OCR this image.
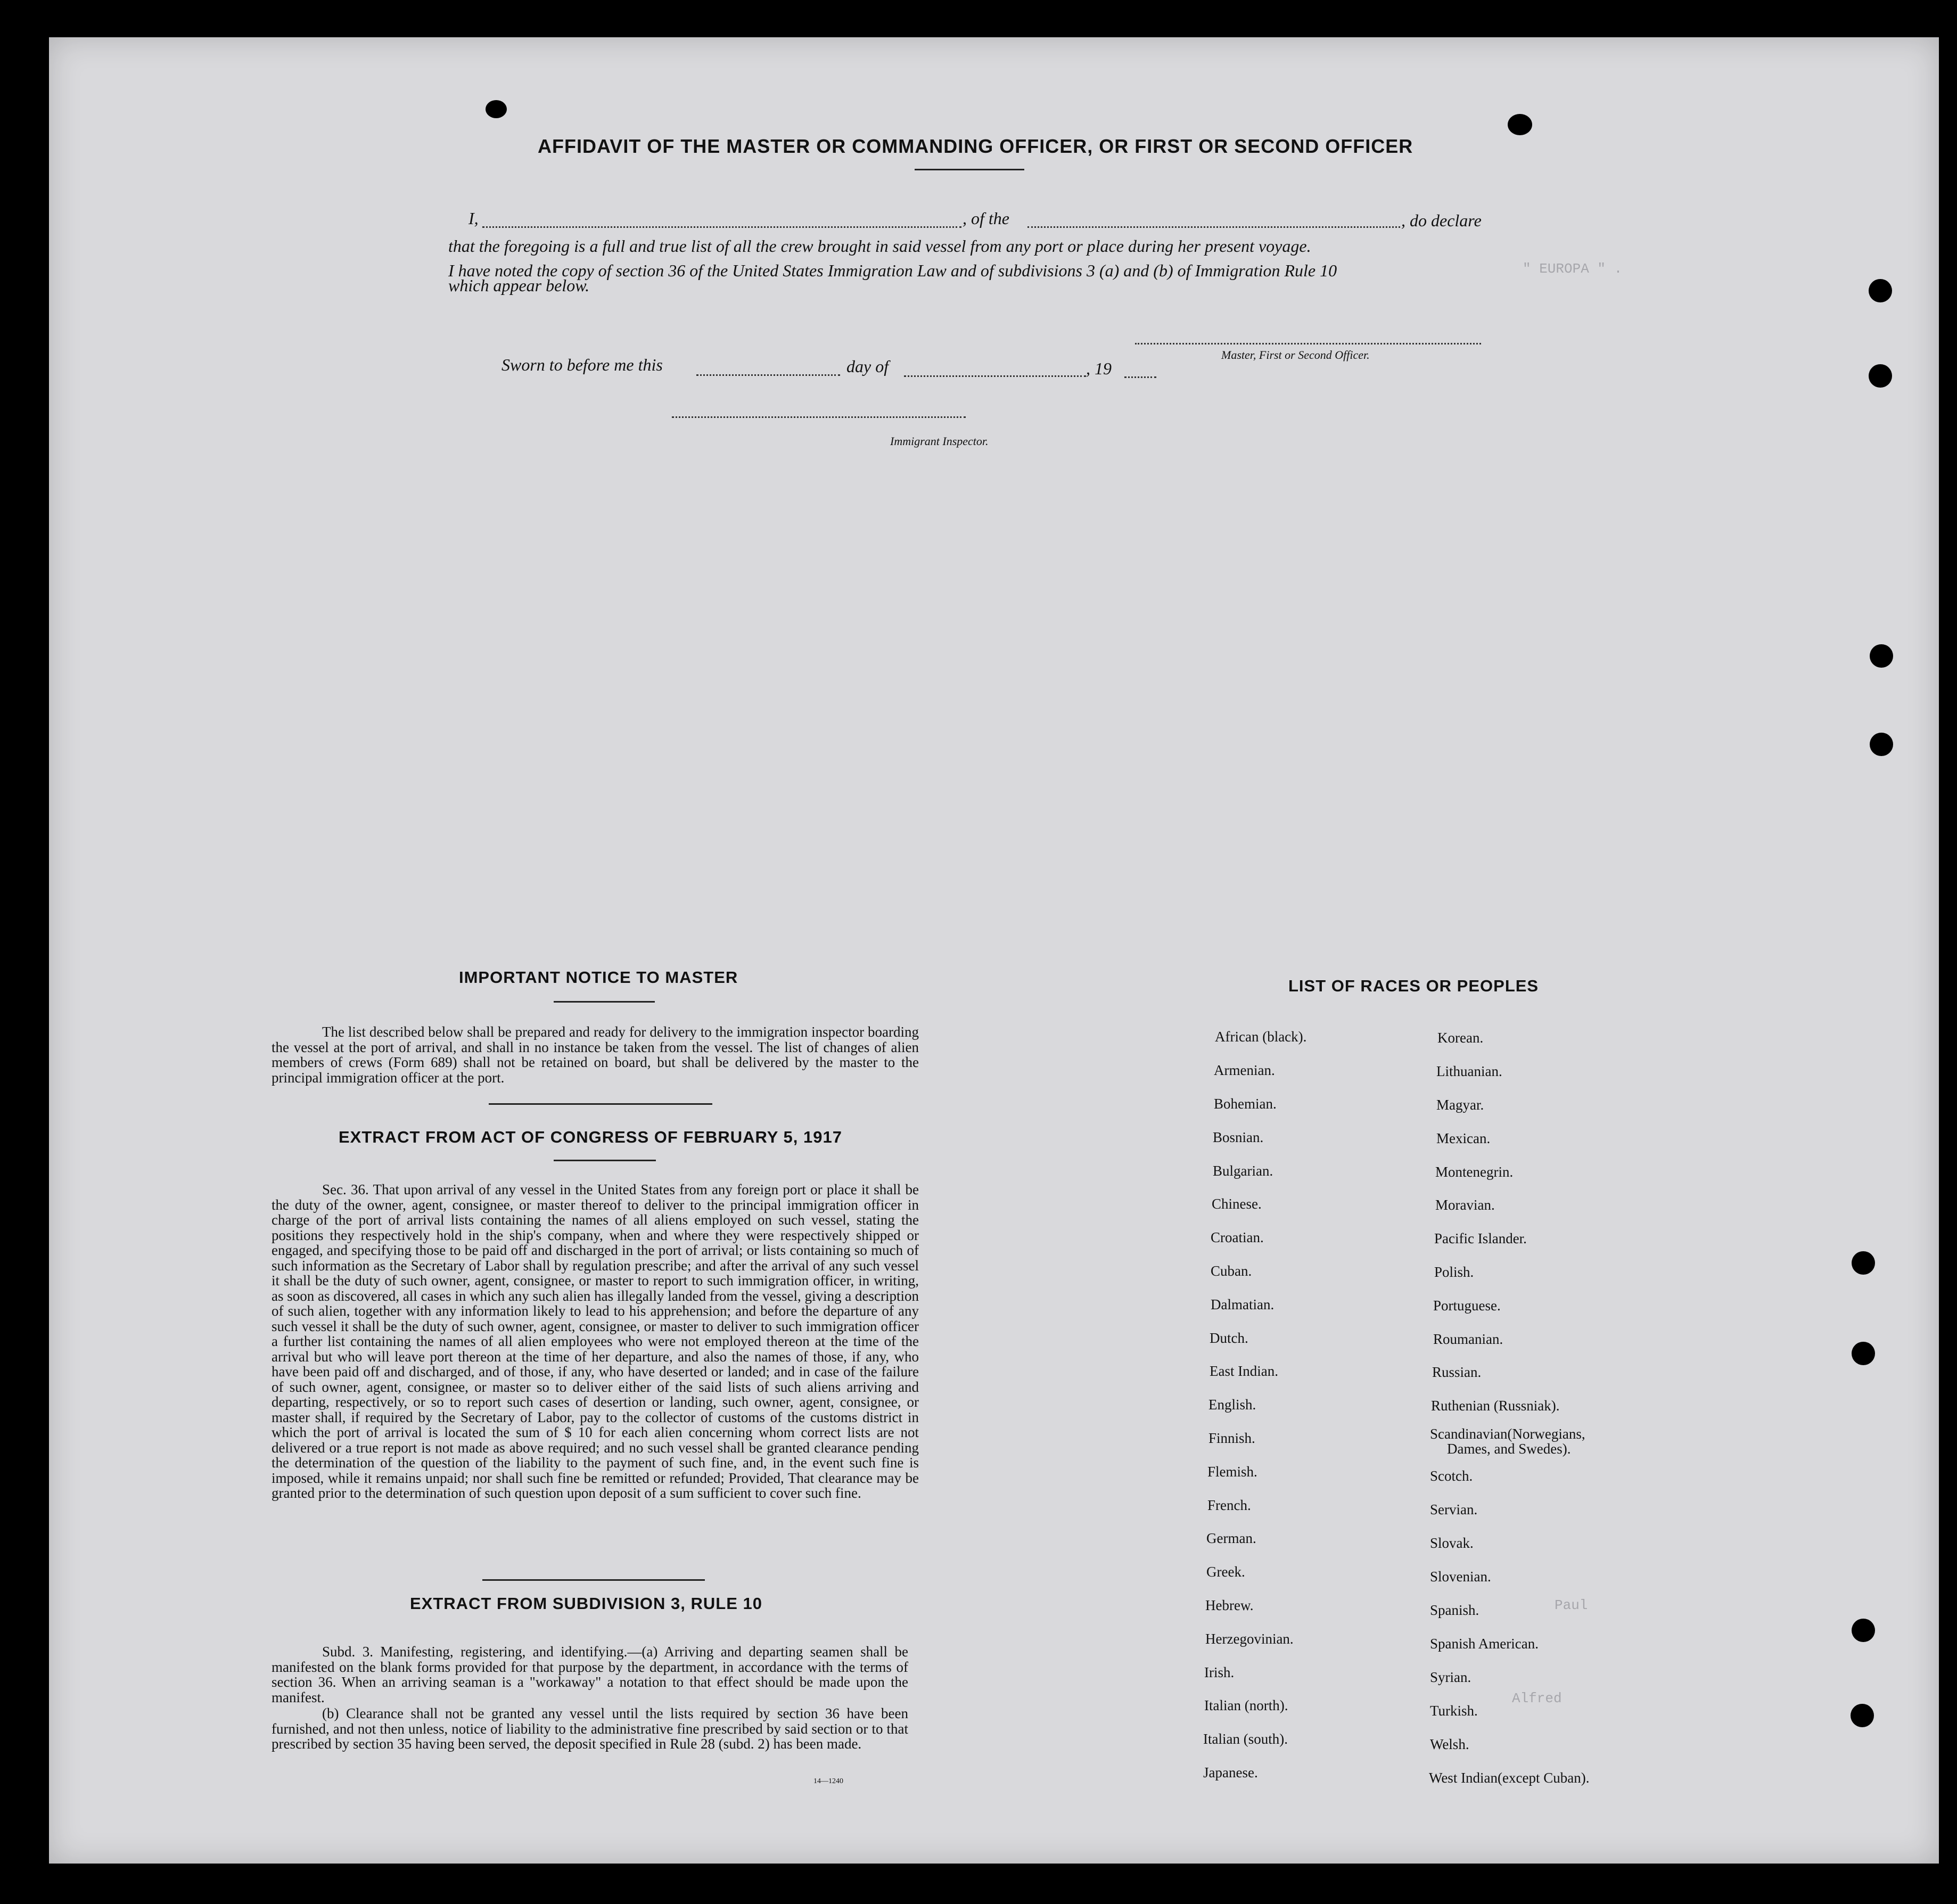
" EUROPA " .
Paul
Alfred
AFFIDAVIT OF THE MASTER OR COMMANDING OFFICER, OR FIRST OR SECOND OFFICER
I,	, of the	, do declare
that the foregoing is a full and true list of all the crew brought in said vessel from any port or place during her present voyage.
I have noted the copy of section 36 of the United States Immigration Law and of subdivisions 3 (a) and (b) of Immigration Rule 10
which appear below.
Master, First or Second Officer.
Sworn to before me this	day of	, 19
Immigrant Inspector.
IMPORTANT NOTICE TO MASTER
The list described below shall be prepared and ready for delivery to the immigration inspector boarding the vessel at the port of arrival, and shall in no instance be taken from the vessel. The list of changes of alien members of crews (Form 689) shall not be retained on board, but shall be delivered by the master to the principal immigration officer at the port.
EXTRACT FROM ACT OF CONGRESS OF FEBRUARY 5, 1917
Sec. 36. That upon arrival of any vessel in the United States from any foreign port or place it shall be the duty of the owner, agent, consignee, or master thereof to deliver to the principal immigration officer in charge of the port of arrival lists containing the names of all aliens employed on such vessel, stating the positions they respectively hold in the ship's company, when and where they were respectively shipped or engaged, and specifying those to be paid off and discharged in the port of arrival; or lists containing so much of such information as the Secretary of Labor shall by regulation prescribe; and after the arrival of any such vessel it shall be the duty of such owner, agent, consignee, or master to report to such immigration officer, in writing, as soon as discovered, all cases in which any such alien has illegally landed from the vessel, giving a description of such alien, together with any information likely to lead to his apprehension; and before the departure of any such vessel it shall be the duty of such owner, agent, consignee, or master to deliver to such immigration officer a further list containing the names of all alien employees who were not employed thereon at the time of the arrival but who will leave port thereon at the time of her departure, and also the names of those, if any, who have been paid off and discharged, and of those, if any, who have deserted or landed; and in case of the failure of such owner, agent, consignee, or master so to deliver either of the said lists of such aliens arriving and departing, respectively, or so to report such cases of desertion or landing, such owner, agent, consignee, or master shall, if required by the Secretary of Labor, pay to the collector of customs of the customs district in which the port of arrival is located the sum of $ 10 for each alien concerning whom correct lists are not delivered or a true report is not made as above required; and no such vessel shall be granted clearance pending the determination of the question of the liability to the payment of such fine, and, in the event such fine is imposed, while it remains unpaid; nor shall such fine be remitted or refunded; Provided, That clearance may be granted prior to the determination of such question upon deposit of a sum sufficient to cover such fine.
EXTRACT FROM SUBDIVISION 3, RULE 10
Subd. 3. Manifesting, registering, and identifying.—(a) Arriving and departing seamen shall be manifested on the blank forms provided for that purpose by the department, in accordance with the terms of section 36. When an arriving seaman is a "workaway" a notation to that effect should be made upon the manifest.
(b) Clearance shall not be granted any vessel until the lists required by section 36 have been furnished, and not then unless, notice of liability to the administrative fine prescribed by said section or to that prescribed by section 35 having been served, the deposit specified in Rule 28 (subd. 2) has been made.
14—1240
LIST OF RACES OR PEOPLES
African (black).
Armenian.
Bohemian.
Bosnian.
Bulgarian.
Chinese.
Croatian.
Cuban.
Dalmatian.
Dutch.
East Indian.
English.
Finnish.
Flemish.
French.
German.
Greek.
Hebrew.
Herzegovinian.
Irish.
Italian (north).
Italian (south).
Japanese.
Korean.
Lithuanian.
Magyar.
Mexican.
Montenegrin.
Moravian.
Pacific Islander.
Polish.
Portuguese.
Roumanian.
Russian.
Ruthenian (Russniak).
Scandinavian(Norwegians,
Dames, and Swedes).
Scotch.
Servian.
Slovak.
Slovenian.
Spanish.
Spanish American.
Syrian.
Turkish.
Welsh.
West Indian(except Cuban).
